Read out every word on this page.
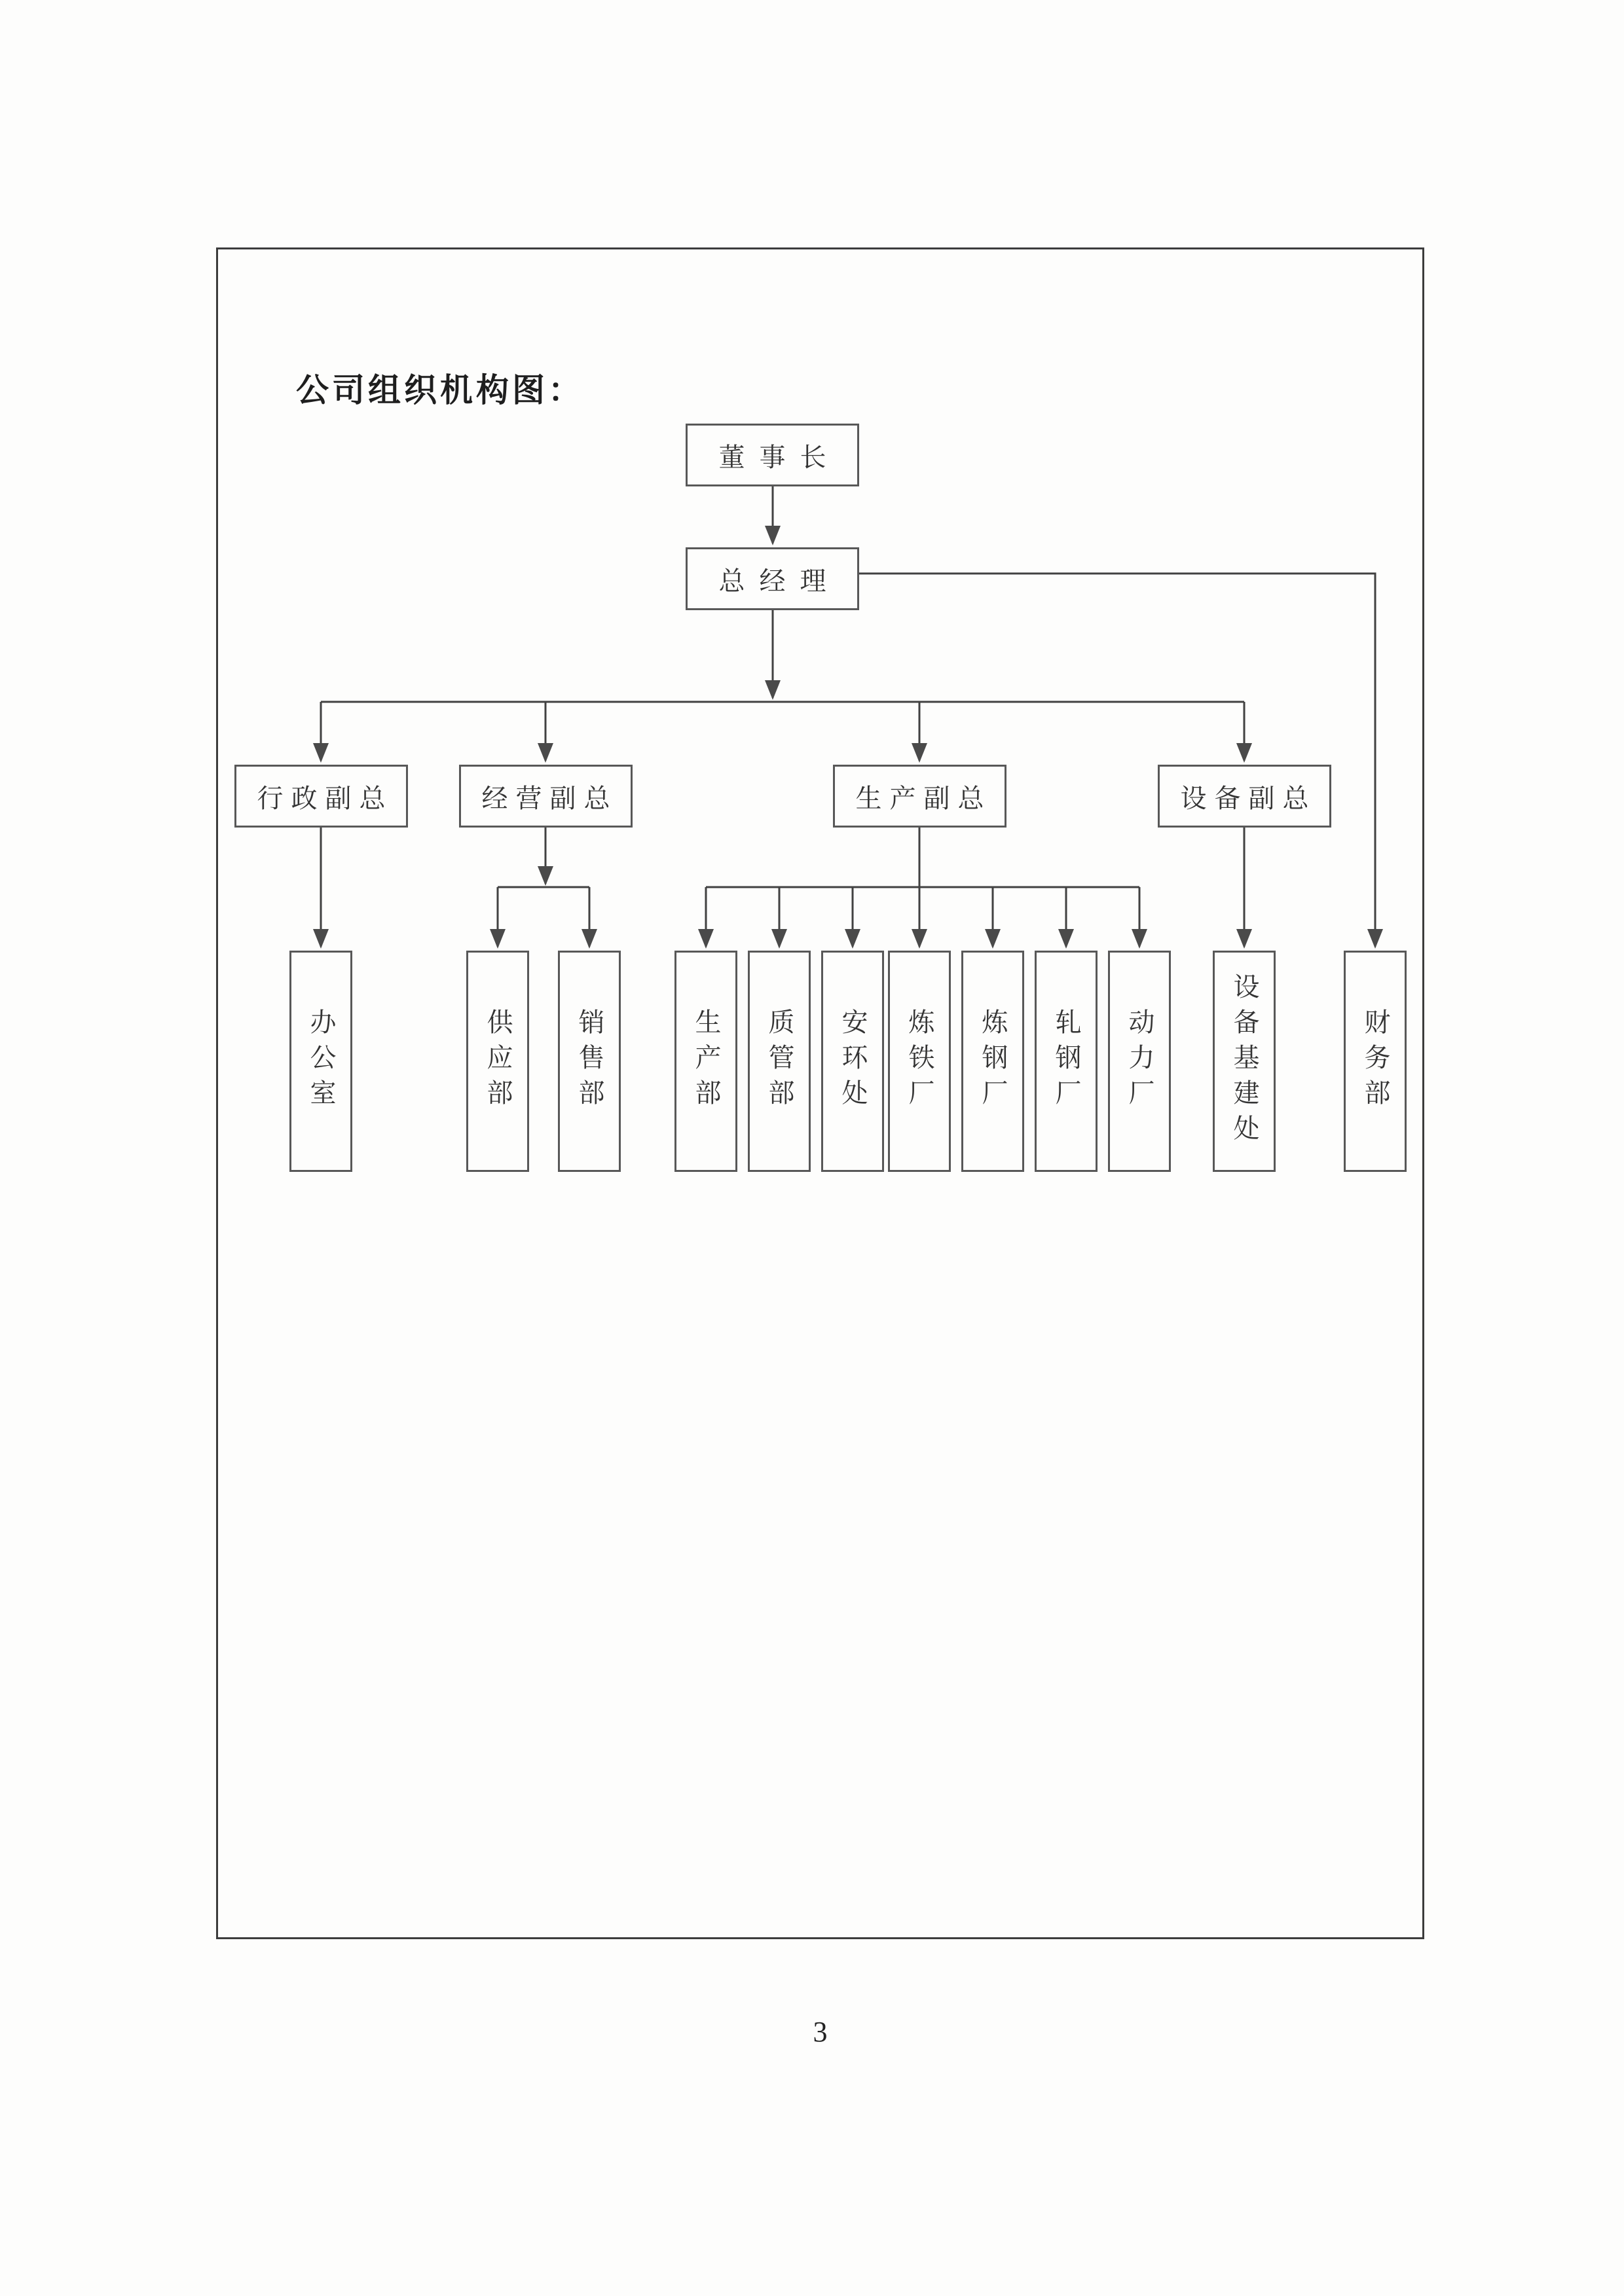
公司组织机构图：
董事长
总经理
行政副总	经营副总	生产副总	设备副总
办公室	供应部	销售部	生产部	质管部	安环处	炼铁厂	炼钢厂	轧钢厂	动力厂	设备基建处	财务部
3
